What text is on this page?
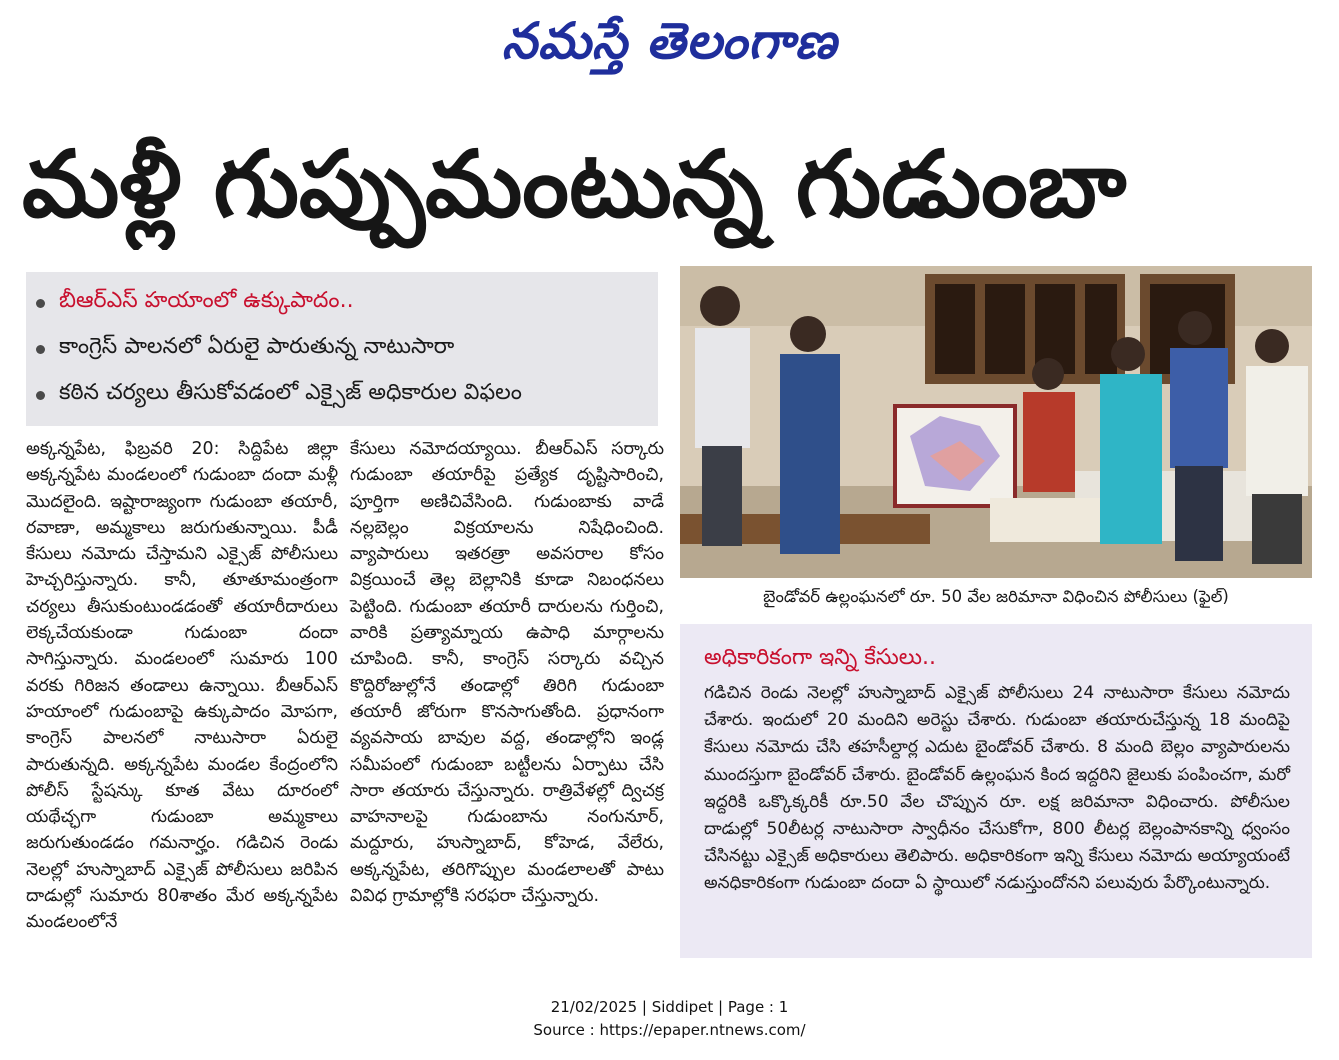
నమస్తే తెలంగాణ
మళ్లీ గుప్పుమంటున్న గుడుంబా
బీఆర్ఎస్ హయాంలో ఉక్కుపాదం..
కాంగ్రెస్ పాలనలో ఏరులై పారుతున్న నాటుసారా
కఠిన చర్యలు తీసుకోవడంలో ఎక్సైజ్ అధికారుల విఫలం

అక్కన్నపేట, ఫిబ్రవరి 20: సిద్దిపేట జిల్లా అక్కన్నపేట మండలంలో గుడుంబా దందా మళ్లీ మొదలైంది. ఇష్టారాజ్యంగా గుడుంబా తయారీ, రవాణా, అమ్మకాలు జరుగుతున్నాయి. పీడీ కేసులు నమోదు చేస్తామని ఎక్సైజ్ పోలీసులు హెచ్చరిస్తున్నారు. కానీ, తూతూమంత్రంగా చర్యలు తీసుకుంటుండడంతో తయారీదారులు లెక్కచేయకుండా గుడుంబా దందా సాగిస్తున్నారు. మండలంలో సుమారు 100 వరకు గిరిజన తండాలు ఉన్నాయి. బీఆర్ఎస్ హయాంలో గుడుంబాపై ఉక్కుపాదం మోపగా, కాంగ్రెస్ పాలనలో నాటుసారా ఏరులై పారుతున్నది. అక్కన్నపేట మండల కేంద్రంలోని పోలీస్ స్టేషన్కు కూత వేటు దూరంలో యథేచ్ఛగా గుడుంబా అమ్మకాలు జరుగుతుండడం గమనార్హం. గడిచిన రెండు నెలల్లో హుస్నాబాద్ ఎక్సైజ్ పోలీసులు జరిపిన దాడుల్లో సుమారు 80శాతం మేర అక్కన్నపేట మండలంలోనే

కేసులు నమోదయ్యాయి. బీఆర్ఎస్ సర్కారు గుడుంబా తయారీపై ప్రత్యేక దృష్టిసారించి, పూర్తిగా అణిచివేసింది. గుడుంబాకు వాడే నల్లబెల్లం విక్రయాలను నిషేధించింది. వ్యాపారులు ఇతరత్రా అవసరాల కోసం విక్రయించే తెల్ల బెల్లానికి కూడా నిబంధనలు పెట్టింది. గుడుంబా తయారీ దారులను గుర్తించి, వారికి ప్రత్యామ్నాయ ఉపాధి మార్గాలను చూపింది. కానీ, కాంగ్రెస్ సర్కారు వచ్చిన కొద్దిరోజుల్లోనే తండాల్లో తిరిగి గుడుంబా తయారీ జోరుగా కొనసాగుతోంది. ప్రధానంగా వ్యవసాయ బావుల వద్ద, తండాల్లోని ఇండ్ల సమీపంలో గుడుంబా బట్టీలను ఏర్పాటు చేసి సారా తయారు చేస్తున్నారు. రాత్రివేళల్లో ద్విచక్ర వాహనాలపై గుడుంబాను నంగునూర్, మద్దూరు, హుస్నాబాద్, కోహెడ, వేలేరు, అక్కన్నపేట, తరిగొప్పుల మండలాలతో పాటు వివిధ గ్రామాల్లోకి సరఫరా చేస్తున్నారు.

బైండోవర్ ఉల్లంఘనలో రూ. 50 వేల జరిమానా విధించిన పోలీసులు (ఫైల్)
అధికారికంగా ఇన్ని కేసులు..
గడిచిన రెండు నెలల్లో హుస్నాబాద్ ఎక్సైజ్ పోలీసులు 24 నాటుసారా కేసులు నమోదు చేశారు. ఇందులో 20 మందిని అరెస్టు చేశారు. గుడుంబా తయారుచేస్తున్న 18 మందిపై కేసులు నమోదు చేసి తహసీల్దార్ల ఎదుట బైండోవర్ చేశారు. 8 మంది బెల్లం వ్యాపారులను ముందస్తుగా బైండోవర్ చేశారు. బైండోవర్ ఉల్లంఘన కింద ఇద్దరిని జైలుకు పంపించగా, మరో ఇద్దరికి ఒక్కొక్కరికీ రూ.50 వేల చొప్పున రూ. లక్ష జరిమానా విధించారు. పోలీసుల దాడుల్లో 50లీటర్ల నాటుసారా స్వాధీనం చేసుకోగా, 800 లీటర్ల బెల్లంపానకాన్ని ధ్వంసం చేసినట్టు ఎక్సైజ్ అధికారులు తెలిపారు. అధికారికంగా ఇన్ని కేసులు నమోదు అయ్యాయంటే అనధికారికంగా గుడుంబా దందా ఏ స్థాయిలో నడుస్తుందోనని పలువురు పేర్కొంటున్నారు.
21/02/2025 | Siddipet | Page : 1
Source : https://epaper.ntnews.com/
